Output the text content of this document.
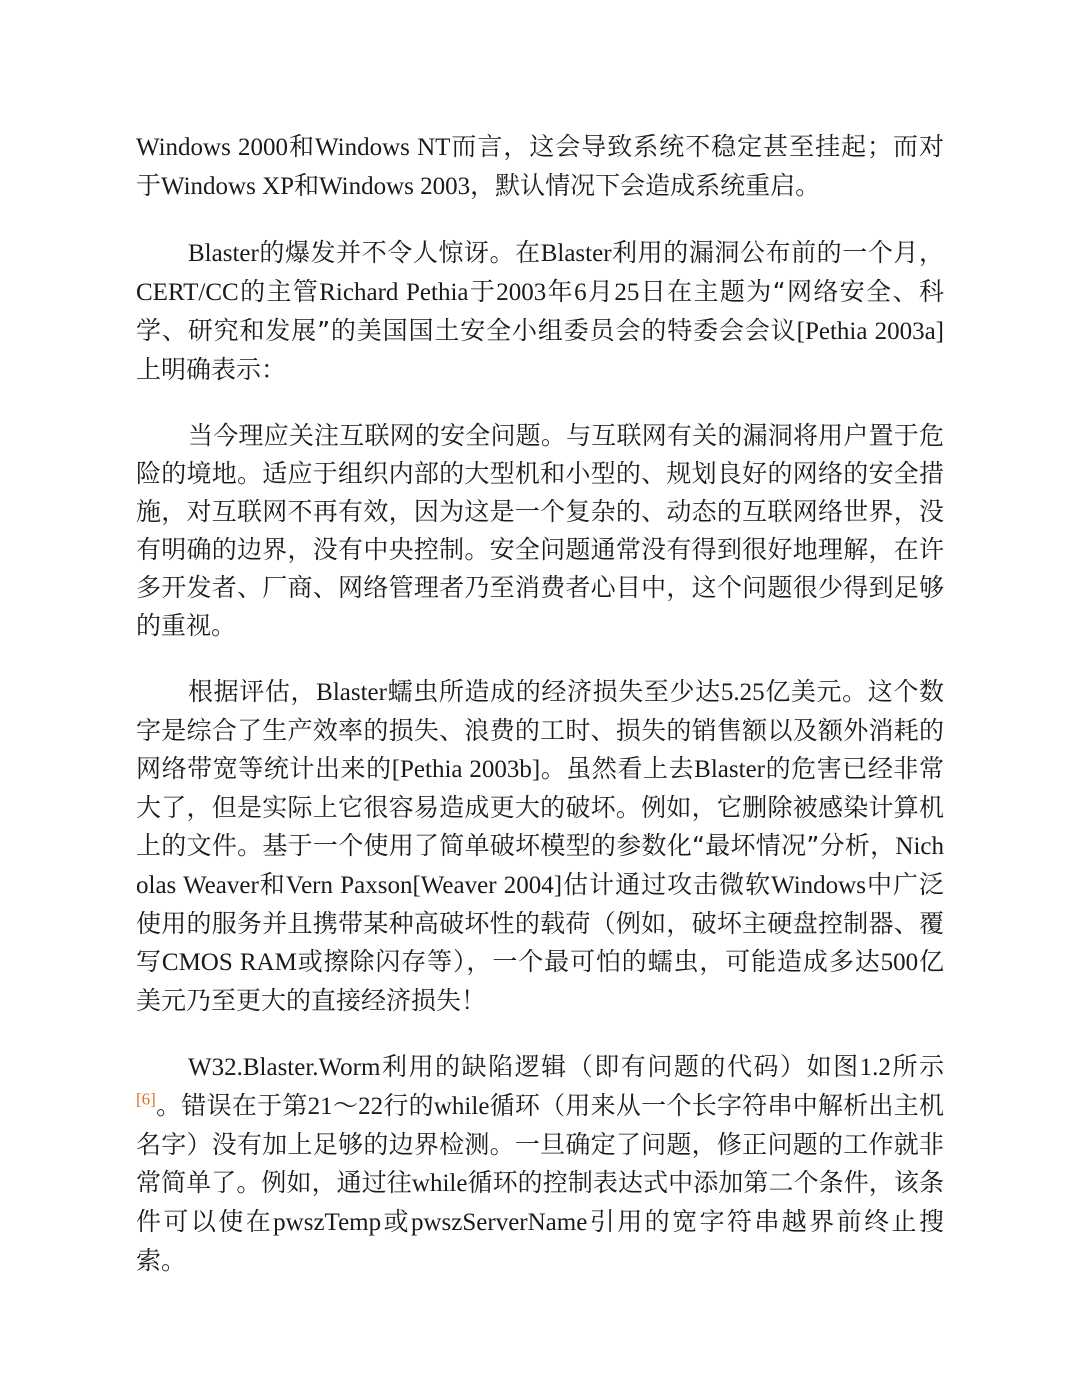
Windows 2000和Windows NT而言，这会导致系统不稳定甚至挂起；而对于Windows XP和Windows 2003，默认情况下会造成系统重启。

Blaster的爆发并不令人惊讶。在Blaster利用的漏洞公布前的一个月，CERT/CC的主管Richard Pethia于2003年6月25日在主题为“网络安全、科学、研究和发展”的美国国土安全小组委员会的特委会会议[Pethia 2003a]上明确表示：

当今理应关注互联网的安全问题。与互联网有关的漏洞将用户置于危险的境地。适应于组织内部的大型机和小型的、规划良好的网络的安全措施，对互联网不再有效，因为这是一个复杂的、动态的互联网络世界，没有明确的边界，没有中央控制。安全问题通常没有得到很好地理解，在许多开发者、厂商、网络管理者乃至消费者心目中，这个问题很少得到足够的重视。

根据评估，Blaster蠕虫所造成的经济损失至少达5.25亿美元。这个数字是综合了生产效率的损失、浪费的工时、损失的销售额以及额外消耗的网络带宽等统计出来的[Pethia 2003b]。虽然看上去Blaster的危害已经非常大了，但是实际上它很容易造成更大的破坏。例如，它删除被感染计算机上的文件。基于一个使用了简单破坏模型的参数化“最坏情况”分析，Nicholas Weaver和Vern Paxson[Weaver 2004]估计通过攻击微软Windows中广泛使用的服务并且携带某种高破坏性的载荷（例如，破坏主硬盘控制器、覆写CMOS RAM或擦除闪存等），一个最可怕的蠕虫，可能造成多达500亿美元乃至更大的直接经济损失！

W32.Blaster.Worm利用的缺陷逻辑（即有问题的代码）如图1.2所示 [6]。错误在于第21～22行的while循环（用来从一个长字符串中解析出主机名字）没有加上足够的边界检测。一旦确定了问题，修正问题的工作就非常简单了。例如，通过往while循环的控制表达式中添加第二个条件，该条件可以使在pwszTemp或pwszServerName引用的宽字符串越界前终止搜索。
